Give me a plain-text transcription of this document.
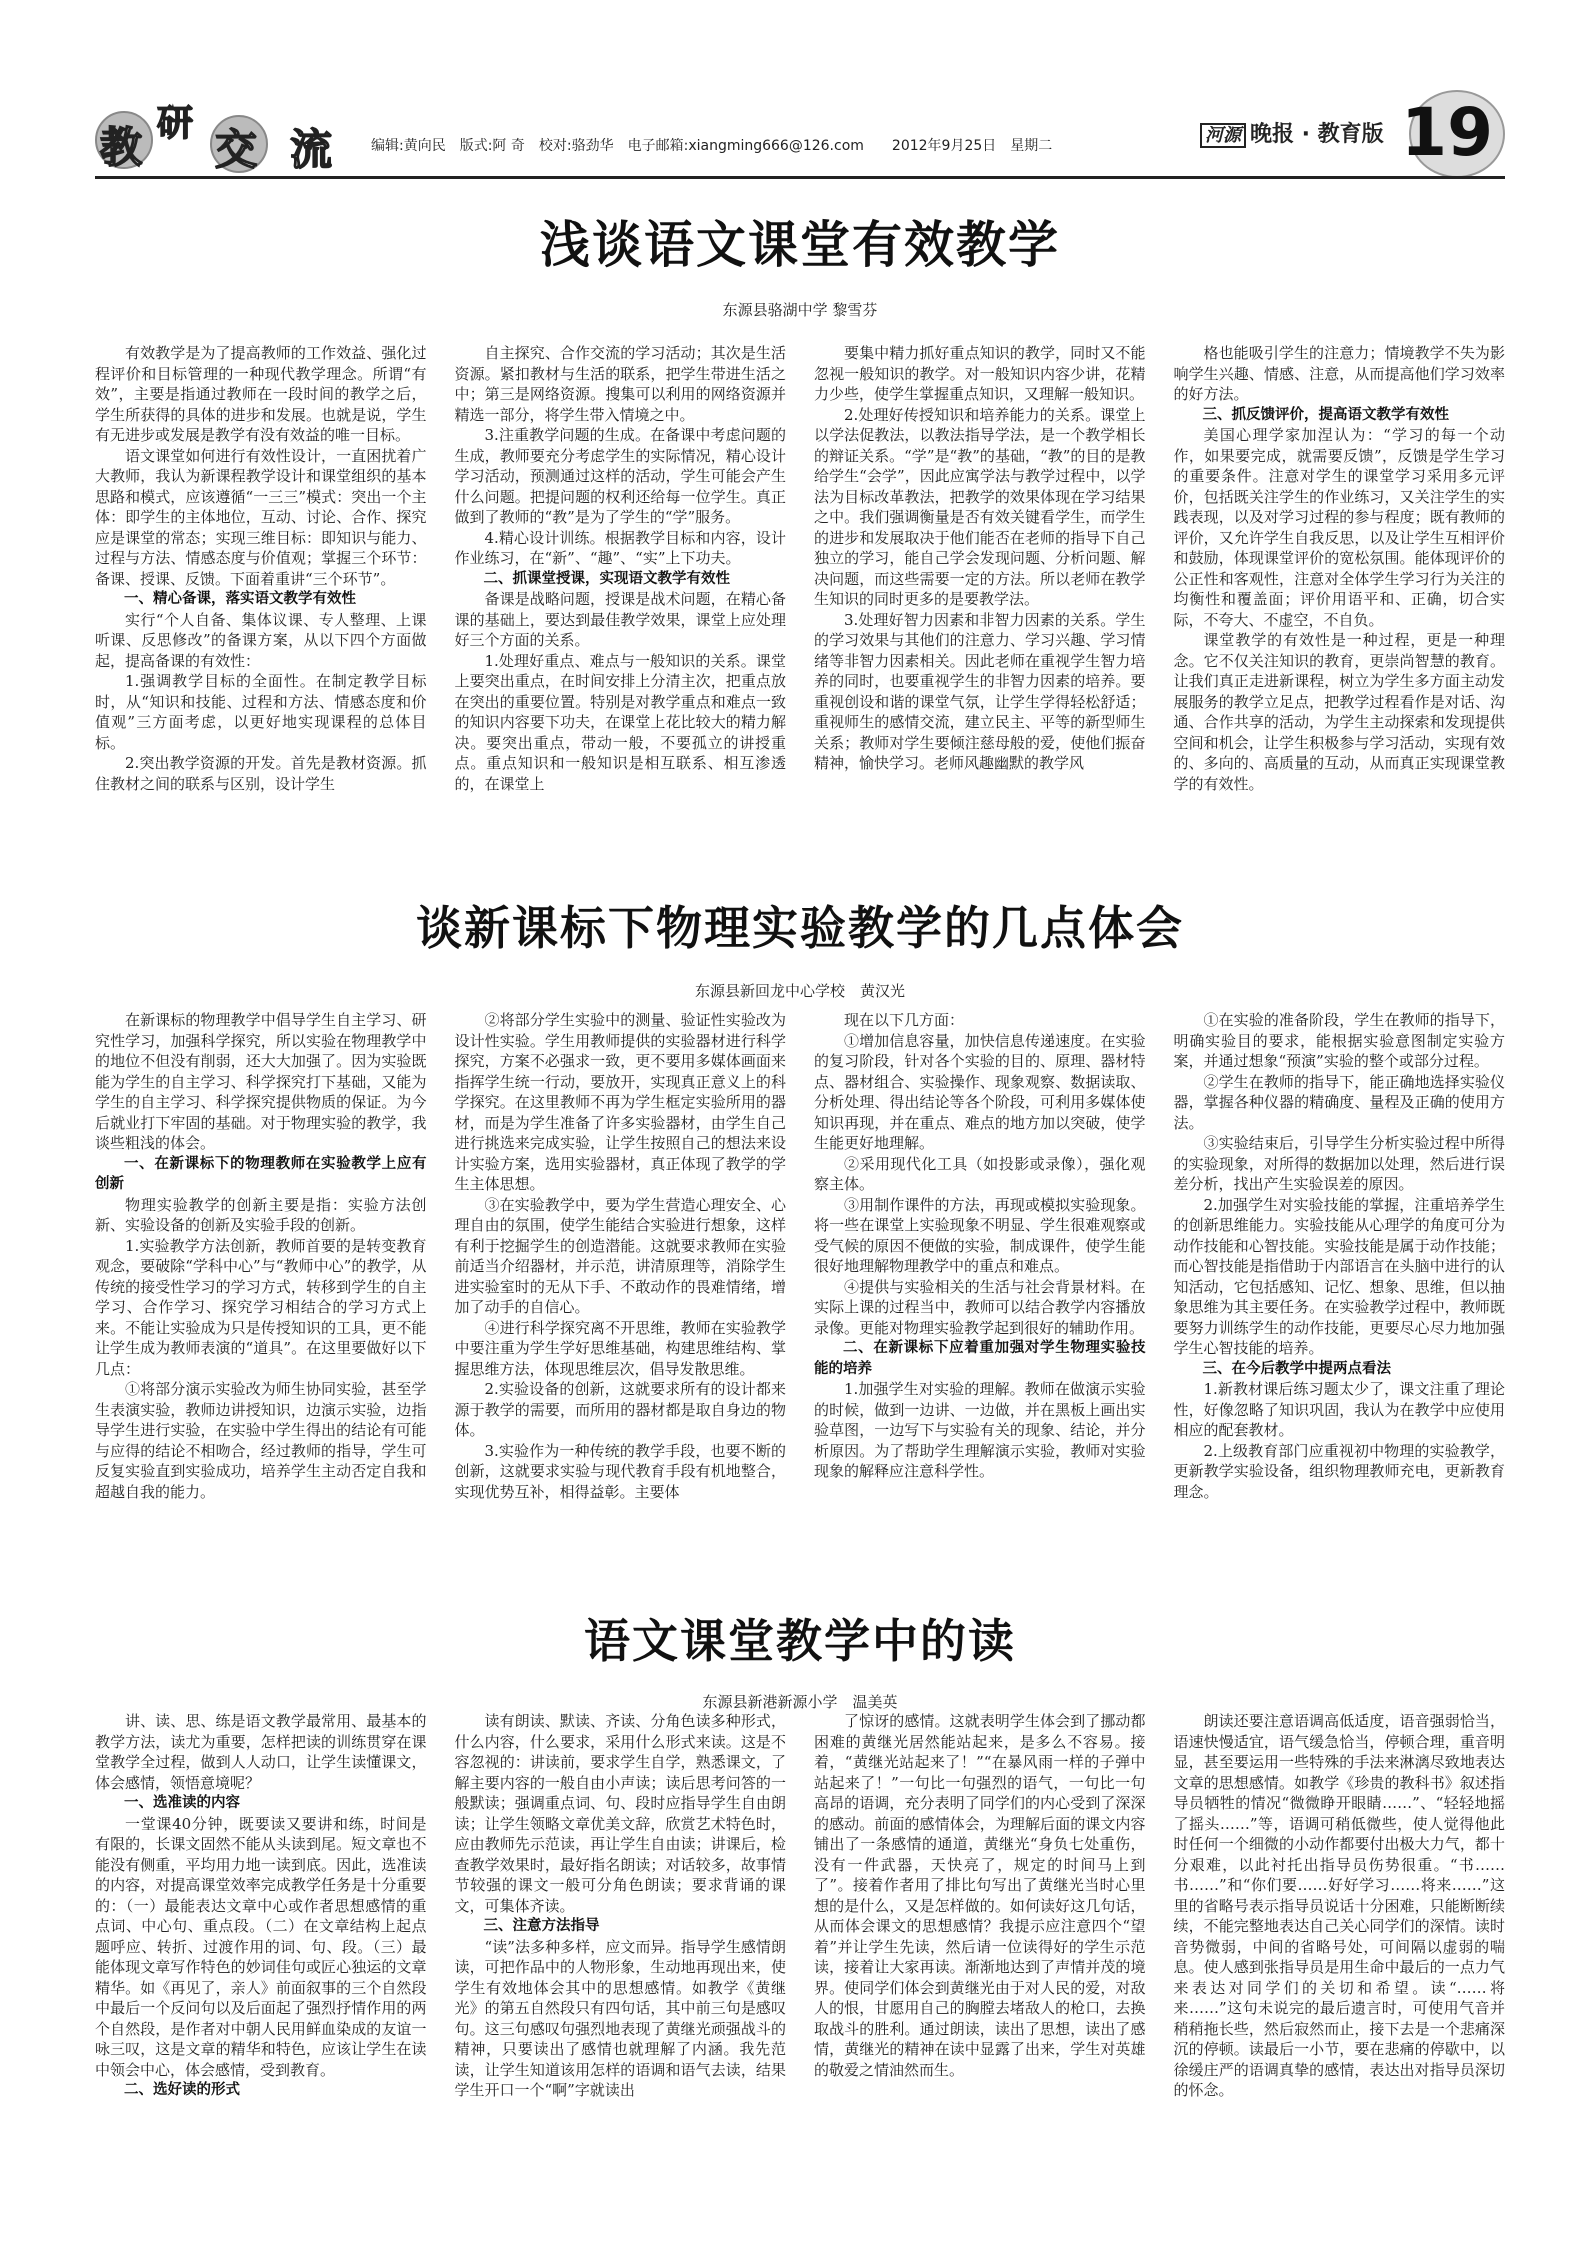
教 研
交 流	编辑:黄向民　版式:阿 奇　校对:骆劲华　电子邮箱:xiangming666@126.com　　2012年9月25日　星期二	河源 晚报 · 教育版 19
浅谈语文课堂有效教学
东源县骆湖中学 黎雪芬

有效教学是为了提高教师的工作效益、强化过程评价和目标管理的一种现代教学理念。所谓“有效”，主要是指通过教师在一段时间的教学之后，学生所获得的具体的进步和发展。也就是说，学生有无进步或发展是教学有没有效益的唯一目标。

语文课堂如何进行有效性设计，一直困扰着广大教师，我认为新课程教学设计和课堂组织的基本思路和模式，应该遵循“一三三”模式：突出一个主体：即学生的主体地位，互动、讨论、合作、探究应是课堂的常态；实现三维目标：即知识与能力、过程与方法、情感态度与价值观；掌握三个环节：备课、授课、反馈。下面着重讲“三个环节”。

一、精心备课，落实语文教学有效性

实行“个人自备、集体议课、专人整理、上课听课、反思修改”的备课方案，从以下四个方面做起，提高备课的有效性：

1.强调教学目标的全面性。在制定教学目标时，从“知识和技能、过程和方法、情感态度和价值观”三方面考虑，以更好地实现课程的总体目标。

2.突出教学资源的开发。首先是教材资源。抓住教材之间的联系与区别，设计学生

自主探究、合作交流的学习活动；其次是生活资源。紧扣教材与生活的联系，把学生带进生活之中；第三是网络资源。搜集可以利用的网络资源并精选一部分，将学生带入情境之中。

3.注重教学问题的生成。在备课中考虑问题的生成，教师要充分考虑学生的实际情况，精心设计学习活动，预测通过这样的活动，学生可能会产生什么问题。把提问题的权利还给每一位学生。真正做到了教师的“教”是为了学生的“学”服务。

4.精心设计训练。根据教学目标和内容，设计作业练习，在“新”、“趣”、“实”上下功夫。

二、抓课堂授课，实现语文教学有效性

备课是战略问题，授课是战术问题，在精心备课的基础上，要达到最佳教学效果，课堂上应处理好三个方面的关系。

1.处理好重点、难点与一般知识的关系。课堂上要突出重点，在时间安排上分清主次，把重点放在突出的重要位置。特别是对教学重点和难点一致的知识内容要下功夫，在课堂上花比较大的精力解决。要突出重点，带动一般，不要孤立的讲授重点。重点知识和一般知识是相互联系、相互渗透的，在课堂上

要集中精力抓好重点知识的教学，同时又不能忽视一般知识的教学。对一般知识内容少讲，花精力少些，使学生掌握重点知识，又理解一般知识。

2.处理好传授知识和培养能力的关系。课堂上以学法促教法，以教法指导学法，是一个教学相长的辩证关系。“学”是“教”的基础，“教”的目的是教给学生“会学”，因此应寓学法与教学过程中，以学法为目标改革教法，把教学的效果体现在学习结果之中。我们强调衡量是否有效关键看学生，而学生的进步和发展取决于他们能否在老师的指导下自己独立的学习，能自己学会发现问题、分析问题、解决问题，而这些需要一定的方法。所以老师在教学生知识的同时更多的是要教学法。

3.处理好智力因素和非智力因素的关系。学生的学习效果与其他们的注意力、学习兴趣、学习情绪等非智力因素相关。因此老师在重视学生智力培养的同时，也要重视学生的非智力因素的培养。要重视创设和谐的课堂气氛，让学生学得轻松舒适；重视师生的感情交流，建立民主、平等的新型师生关系；教师对学生要倾注慈母般的爱，使他们振奋精神，愉快学习。老师风趣幽默的教学风

格也能吸引学生的注意力；情境教学不失为影响学生兴趣、情感、注意，从而提高他们学习效率的好方法。

三、抓反馈评价，提高语文教学有效性

美国心理学家加涅认为：“学习的每一个动作，如果要完成，就需要反馈”，反馈是学生学习的重要条件。注意对学生的课堂学习采用多元评价，包括既关注学生的作业练习，又关注学生的实践表现，以及对学习过程的参与程度；既有教师的评价，又允许学生自我反思，以及让学生互相评价和鼓励，体现课堂评价的宽松氛围。能体现评价的公正性和客观性，注意对全体学生学习行为关注的均衡性和覆盖面；评价用语平和、正确，切合实际，不夸大、不虚空，不自负。

课堂教学的有效性是一种过程，更是一种理念。它不仅关注知识的教育，更崇尚智慧的教育。让我们真正走进新课程，树立为学生多方面主动发展服务的教学立足点，把教学过程看作是对话、沟通、合作共享的活动，为学生主动探索和发现提供空间和机会，让学生积极参与学习活动，实现有效的、多向的、高质量的互动，从而真正实现课堂教学的有效性。

谈新课标下物理实验教学的几点体会
东源县新回龙中心学校　黄汉光

在新课标的物理教学中倡导学生自主学习、研究性学习，加强科学探究，所以实验在物理教学中的地位不但没有削弱，还大大加强了。因为实验既能为学生的自主学习、科学探究打下基础，又能为学生的自主学习、科学探究提供物质的保证。为今后就业打下牢固的基础。对于物理实验的教学，我谈些粗浅的体会。

一、在新课标下的物理教师在实验教学上应有创新

物理实验教学的创新主要是指：实验方法创新、实验设备的创新及实验手段的创新。

1.实验教学方法创新，教师首要的是转变教育观念，要破除“学科中心”与“教师中心”的教学，从传统的接受性学习的学习方式，转移到学生的自主学习、合作学习、探究学习相结合的学习方式上来。不能让实验成为只是传授知识的工具，更不能让学生成为教师表演的“道具”。在这里要做好以下几点：

①将部分演示实验改为师生协同实验，甚至学生表演实验，教师边讲授知识，边演示实验，边指导学生进行实验，在实验中学生得出的结论有可能与应得的结论不相吻合，经过教师的指导，学生可反复实验直到实验成功，培养学生主动否定自我和超越自我的能力。

②将部分学生实验中的测量、验证性实验改为设计性实验。学生用教师提供的实验器材进行科学探究，方案不必强求一致，更不要用多媒体画面来指挥学生统一行动，要放开，实现真正意义上的科学探究。在这里教师不再为学生框定实验所用的器材，而是为学生准备了许多实验器材，由学生自己进行挑选来完成实验，让学生按照自己的想法来设计实验方案，选用实验器材，真正体现了教学的学生主体思想。

③在实验教学中，要为学生营造心理安全、心理自由的氛围，使学生能结合实验进行想象，这样有利于挖掘学生的创造潜能。这就要求教师在实验前适当介绍器材，并示范，讲清原理等，消除学生进实验室时的无从下手、不敢动作的畏难情绪，增加了动手的自信心。

④进行科学探究离不开思维，教师在实验教学中要注重为学生学好思维基础，构建思维结构、掌握思维方法，体现思维层次，倡导发散思维。

2.实验设备的创新，这就要求所有的设计都来源于教学的需要，而所用的器材都是取自身边的物体。

3.实验作为一种传统的教学手段，也要不断的创新，这就要求实验与现代教育手段有机地整合，实现优势互补，相得益彰。主要体

现在以下几方面：

①增加信息容量，加快信息传递速度。在实验的复习阶段，针对各个实验的目的、原理、器材特点、器材组合、实验操作、现象观察、数据读取、分析处理、得出结论等各个阶段，可利用多媒体使知识再现，并在重点、难点的地方加以突破，使学生能更好地理解。

②采用现代化工具（如投影或录像），强化观察主体。

③用制作课件的方法，再现或模拟实验现象。将一些在课堂上实验现象不明显、学生很难观察或受气候的原因不便做的实验，制成课件，使学生能很好地理解物理教学中的重点和难点。

④提供与实验相关的生活与社会背景材料。在实际上课的过程当中，教师可以结合教学内容播放录像。更能对物理实验教学起到很好的辅助作用。

二、在新课标下应着重加强对学生物理实验技能的培养

1.加强学生对实验的理解。教师在做演示实验的时候，做到一边讲、一边做，并在黑板上画出实验草图，一边写下与实验有关的现象、结论，并分析原因。为了帮助学生理解演示实验，教师对实验现象的解释应注意科学性。

①在实验的准备阶段，学生在教师的指导下，明确实验目的要求，能根据实验意图制定实验方案，并通过想象“预演”实验的整个或部分过程。

②学生在教师的指导下，能正确地选择实验仪器，掌握各种仪器的精确度、量程及正确的使用方法。

③实验结束后，引导学生分析实验过程中所得的实验现象，对所得的数据加以处理，然后进行误差分析，找出产生实验误差的原因。

2.加强学生对实验技能的掌握，注重培养学生的创新思维能力。实验技能从心理学的角度可分为动作技能和心智技能。实验技能是属于动作技能；而心智技能是指借助于内部语言在头脑中进行的认知活动，它包括感知、记忆、想象、思维，但以抽象思维为其主要任务。在实验教学过程中，教师既要努力训练学生的动作技能，更要尽心尽力地加强学生心智技能的培养。

三、在今后教学中提两点看法

1.新教材课后练习题太少了，课文注重了理论性，好像忽略了知识巩固，我认为在教学中应使用相应的配套教材。

2.上级教育部门应重视初中物理的实验教学，更新教学实验设备，组织物理教师充电，更新教育理念。

语文课堂教学中的读
东源县新港新源小学　温美英

讲、读、思、练是语文教学最常用、最基本的教学方法，读尤为重要，怎样把读的训练贯穿在课堂教学全过程，做到人人动口，让学生读懂课文，体会感情，领悟意境呢？

一、选准读的内容

一堂课40分钟，既要读又要讲和练，时间是有限的，长课文固然不能从头读到尾。短文章也不能没有侧重，平均用力地一读到底。因此，选准读的内容，对提高课堂效率完成教学任务是十分重要的：（一）最能表达文章中心或作者思想感情的重点词、中心句、重点段。（二）在文章结构上起点题呼应、转折、过渡作用的词、句、段。（三）最能体现文章写作特色的妙词佳句或匠心独运的文章精华。如《再见了，亲人》前面叙事的三个自然段中最后一个反问句以及后面起了强烈抒情作用的两个自然段，是作者对中朝人民用鲜血染成的友谊一咏三叹，这是文章的精华和特色，应该让学生在读中领会中心，体会感情，受到教育。

二、选好读的形式

读有朗读、默读、齐读、分角色读多种形式，什么内容，什么要求，采用什么形式来读。这是不容忽视的：讲读前，要求学生自学，熟悉课文，了解主要内容的一般自由小声读；读后思考问答的一般默读；强调重点词、句、段时应指导学生自由朗读；让学生领略文章优美文辞，欣赏艺术特色时，应由教师先示范读，再让学生自由读；讲课后，检查教学效果时，最好指名朗读；对话较多，故事情节较强的课文一般可分角色朗读；要求背诵的课文，可集体齐读。

三、注意方法指导

“读”法多种多样，应文而异。指导学生感情朗读，可把作品中的人物形象，生动地再现出来，使学生有效地体会其中的思想感情。如教学《黄继光》的第五自然段只有四句话，其中前三句是感叹句。这三句感叹句强烈地表现了黄继光顽强战斗的精神，只要读出了感情也就理解了内涵。我先范读，让学生知道该用怎样的语调和语气去读，结果学生开口一个“啊”字就读出

了惊讶的感情。这就表明学生体会到了挪动都困难的黄继光居然能站起来，是多么不容易。接着，“黄继光站起来了！”“在暴风雨一样的子弹中站起来了！”一句比一句强烈的语气，一句比一句高昂的语调，充分表明了同学们的内心受到了深深的感动。前面的感情体会，为理解后面的课文内容铺出了一条感情的通道，黄继光“身负七处重伤，没有一件武器，天快亮了，规定的时间马上到了”。接着作者用了排比句写出了黄继光当时心里想的是什么，又是怎样做的。如何读好这几句话，从而体会课文的思想感情？我提示应注意四个“望着”并让学生先读，然后请一位读得好的学生示范读，接着让大家再读。渐渐地达到了声情并茂的境界。使同学们体会到黄继光由于对人民的爱，对敌人的恨，甘愿用自己的胸膛去堵敌人的枪口，去换取战斗的胜利。通过朗读，读出了思想，读出了感情，黄继光的精神在读中显露了出来，学生对英雄的敬爱之情油然而生。

朗读还要注意语调高低适度，语音强弱恰当，语速快慢适宜，语气缓急恰当，停顿合理，重音明显，甚至要运用一些特殊的手法来淋漓尽致地表达文章的思想感情。如教学《珍贵的教科书》叙述指导员牺牲的情况“微微睁开眼睛……”、“轻轻地摇了摇头……”等，语调可稍低微些，使人觉得他此时任何一个细微的小动作都要付出极大力气，都十分艰难，以此衬托出指导员伤势很重。“书……书……”和“你们要……好好学习……将来……”这里的省略号表示指导员说话十分困难，只能断断续续，不能完整地表达自己关心同学们的深情。读时音势微弱，中间的省略号处，可间隔以虚弱的喘息。使人感到张指导员是用生命中最后的一点力气来表达对同学们的关切和希望。读“……将来……”这句未说完的最后遗言时，可使用气音并稍稍拖长些，然后寂然而止，接下去是一个悲痛深沉的停顿。读最后一小节，要在悲痛的停歇中，以徐缓庄严的语调真挚的感情，表达出对指导员深切的怀念。
